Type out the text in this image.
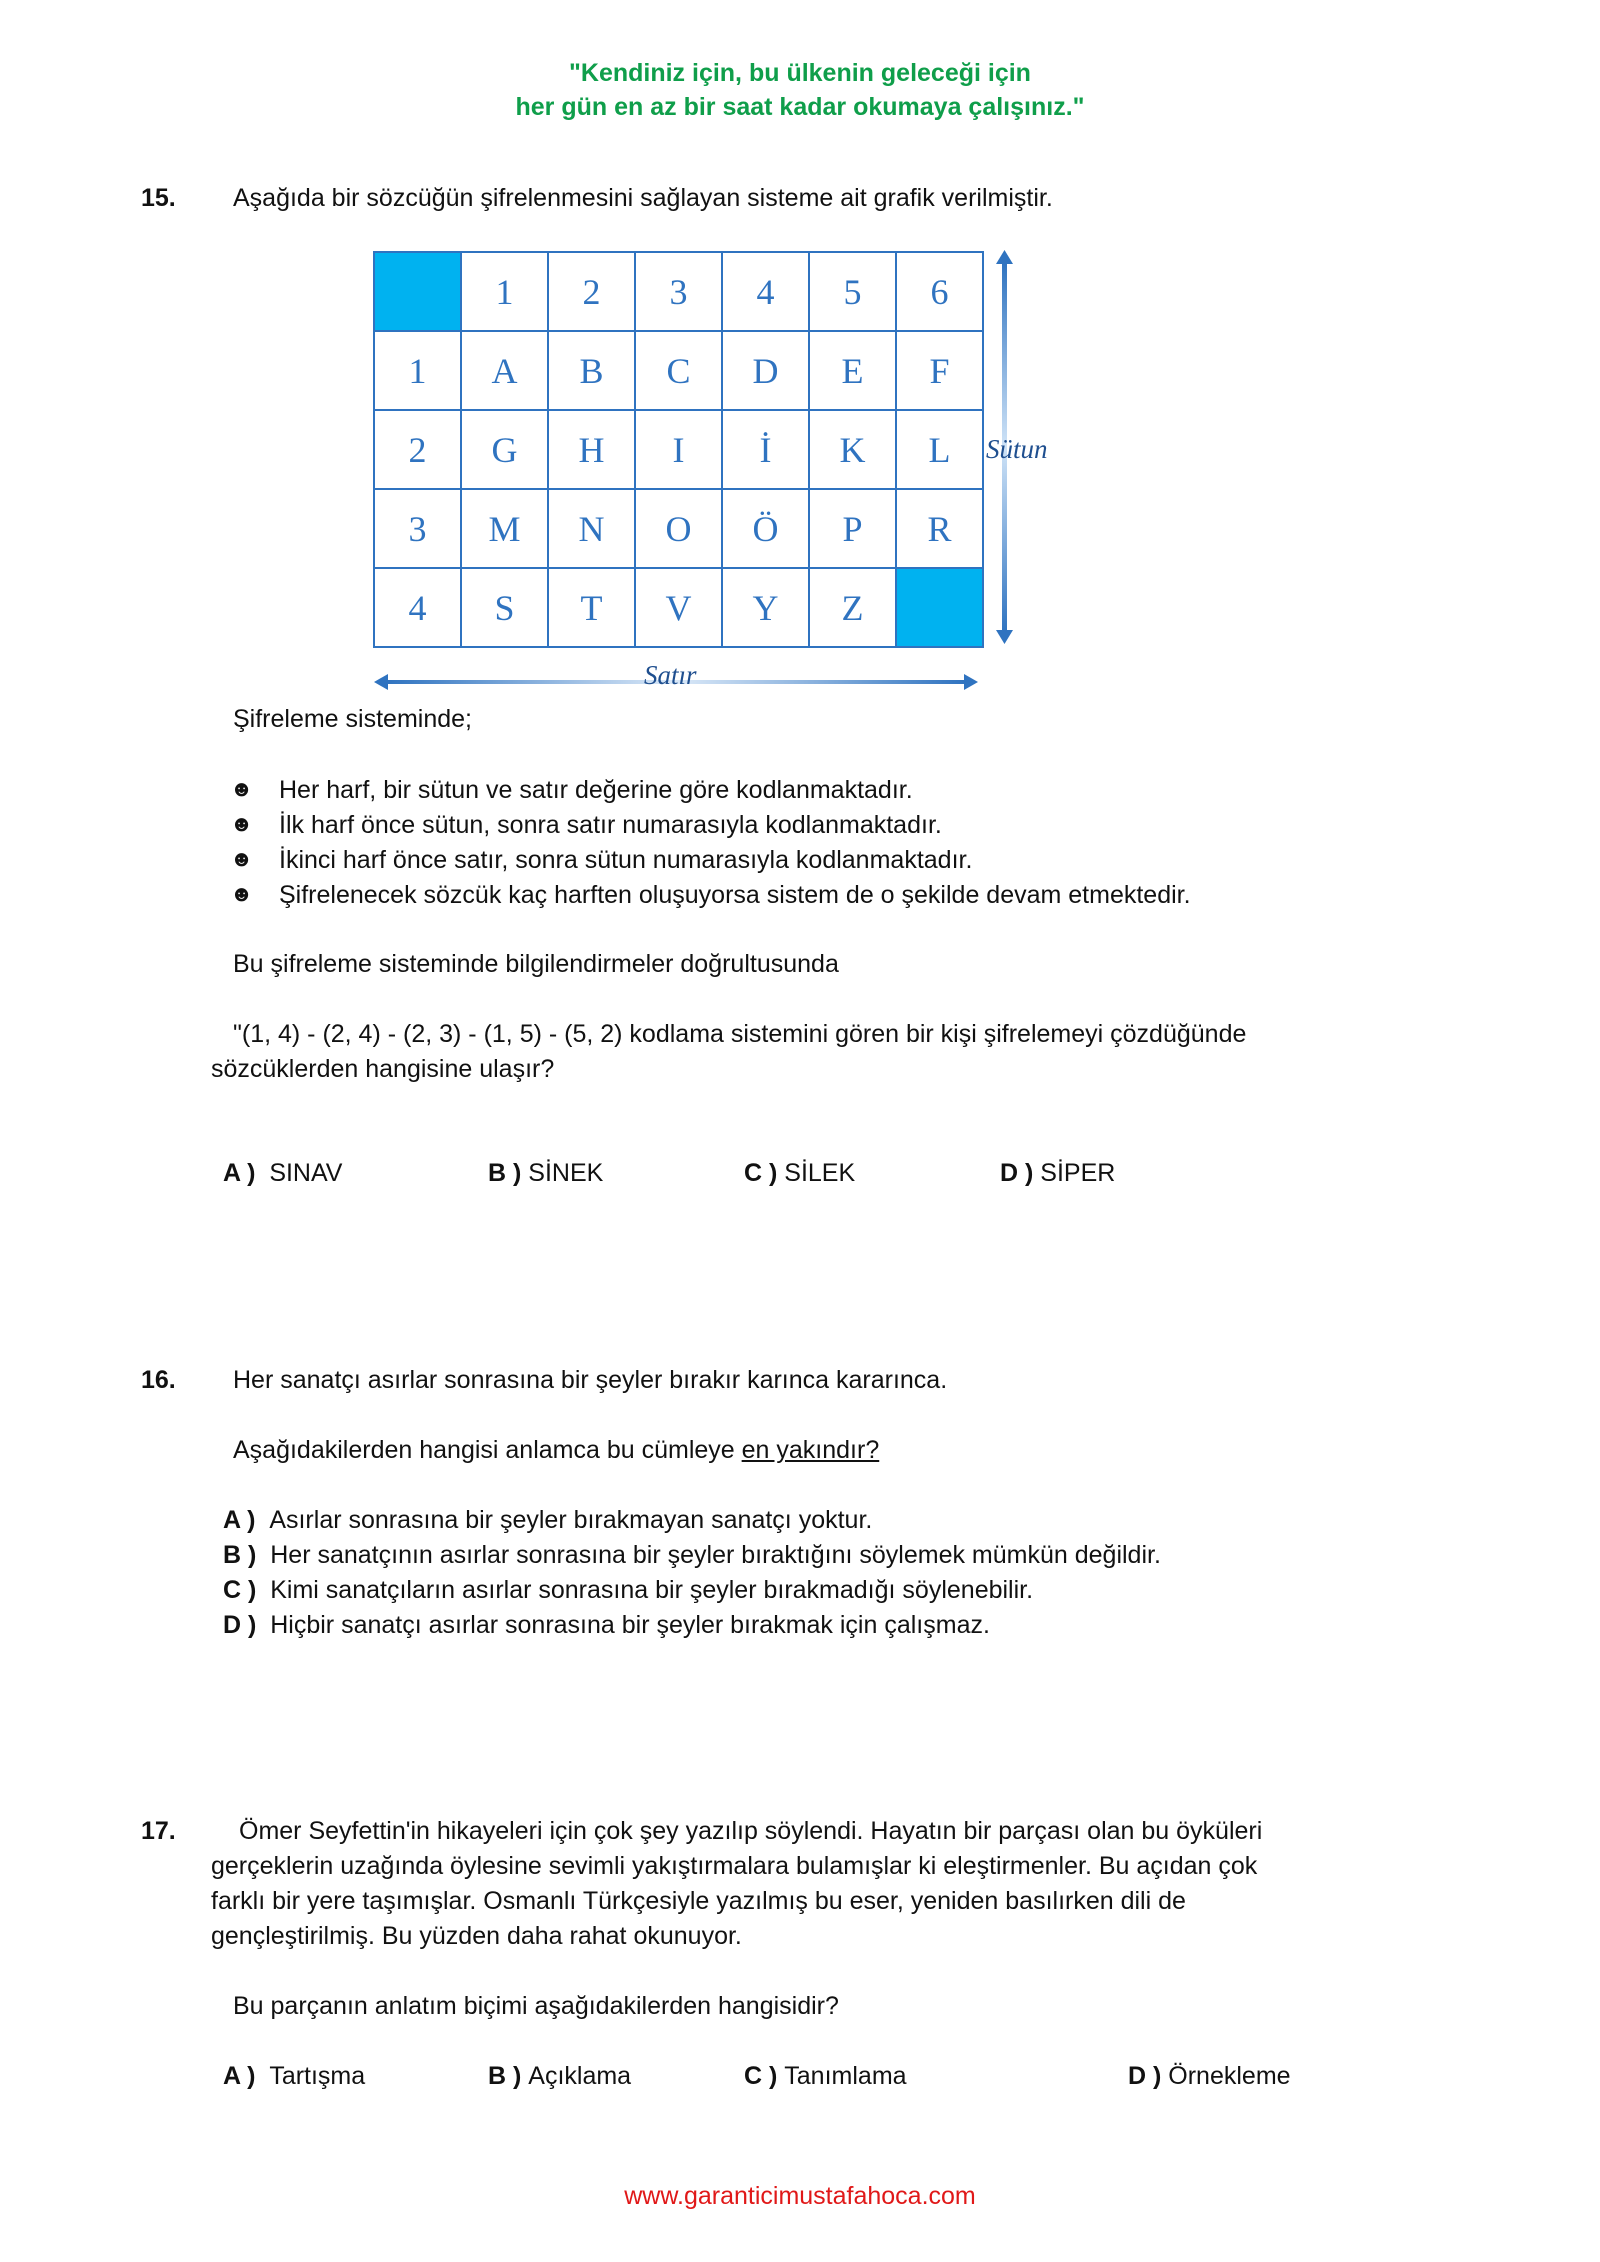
"Kendiniz için, bu ülkenin geleceği için
her gün en az bir saat kadar okumaya çalışınız."
15. Aşağıda bir sözcüğün şifrelenmesini sağlayan sisteme ait grafik verilmiştir.
	1	2	3	4	5	6
1	A	B	C	D	E	F
2	G	H	I	İ	K	L
3	M	N	O	Ö	P	R
4	S	T	V	Y	Z	
Sütun
Satır
Şifreleme sisteminde;
☻ Her harf, bir sütun ve satır değerine göre kodlanmaktadır.
☻ İlk harf önce sütun, sonra satır numarasıyla kodlanmaktadır.
☻ İkinci harf önce satır, sonra sütun numarasıyla kodlanmaktadır.
☻ Şifrelenecek sözcük kaç harften oluşuyorsa sistem de o şekilde devam etmektedir.
Bu şifreleme sisteminde bilgilendirmeler doğrultusunda
"(1, 4) - (2, 4) - (2, 3) - (1, 5) - (5, 2) kodlama sistemini gören bir kişi şifrelemeyi çözdüğünde
sözcüklerden hangisine ulaşır?
A ) SINAV	B ) SİNEK	C ) SİLEK	D ) SİPER
16. Her sanatçı asırlar sonrasına bir şeyler bırakır karınca kararınca.
Aşağıdakilerden hangisi anlamca bu cümleye en yakındır?
A ) Asırlar sonrasına bir şeyler bırakmayan sanatçı yoktur.
B ) Her sanatçının asırlar sonrasına bir şeyler bıraktığını söylemek mümkün değildir.
C ) Kimi sanatçıların asırlar sonrasına bir şeyler bırakmadığı söylenebilir.
D ) Hiçbir sanatçı asırlar sonrasına bir şeyler bırakmak için çalışmaz.
17.	Ömer Seyfettin'in hikayeleri için çok şey yazılıp söylendi. Hayatın bir parçası olan bu öyküleri
gerçeklerin uzağında öylesine sevimli yakıştırmalara bulamışlar ki eleştirmenler. Bu açıdan çok
farklı bir yere taşımışlar. Osmanlı Türkçesiyle yazılmış bu eser, yeniden basılırken dili de
gençleştirilmiş. Bu yüzden daha rahat okunuyor.
Bu parçanın anlatım biçimi aşağıdakilerden hangisidir?
A ) Tartışma	B ) Açıklama	C ) Tanımlama	D ) Örnekleme
www.garanticimustafahoca.com
